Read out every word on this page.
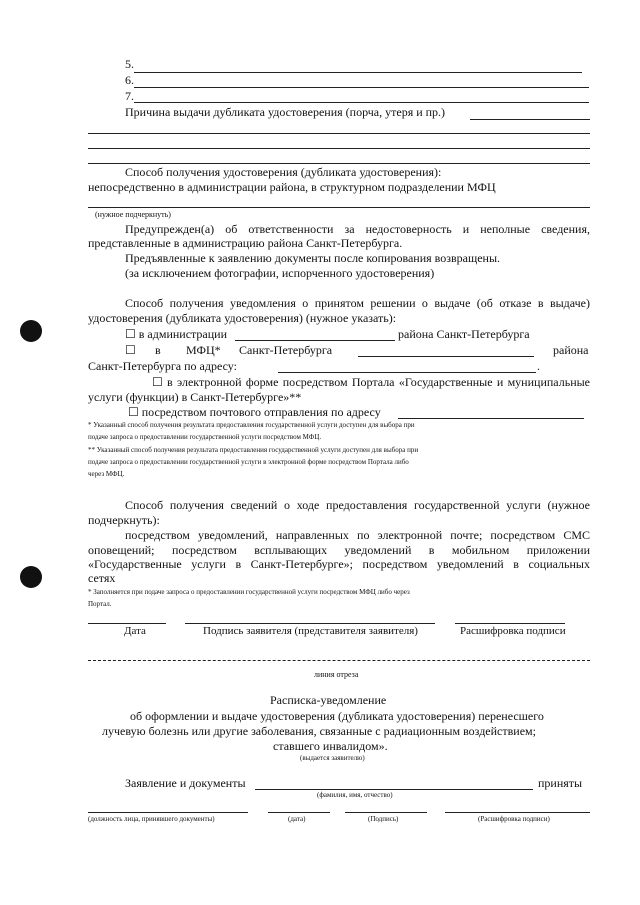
5.
6.
7.
Причина выдачи дубликата удостоверения (порча, утеря и пр.)
Способ получения удостоверения (дубликата удостоверения):
непосредственно в администрации района, в структурном подразделении МФЦ
(нужное подчеркнуть)
Предупрежден(а) об ответственности за недостоверность и неполные сведения,
представленные в администрацию района Санкт-Петербурга.
Предъявленные к заявлению документы после копирования возвращены.
(за исключением фотографии, испорченного удостоверения)
Способ получения уведомления о принятом решении о выдаче (об отказе в выдаче)
удостоверения (дубликата удостоверения) (нужное указать):
☐ в администрации	района Санкт-Петербурга
☐ в МФЦ* Санкт-Петербурга	района
Санкт-Петербурга по адресу:	.
☐ в электронной форме посредством Портала «Государственные и муниципальные
услуги (функции) в Санкт-Петербурге»**
☐ посредством почтового отправления по адресу
* Указанный способ получения результата предоставления государственной услуги доступен для выбора при
подаче запроса о предоставлении государственной услуги посредством МФЦ.
** Указанный способ получения результата предоставления государственной услуги доступен для выбора при
подаче запроса о предоставлении государственной услуги в электронной форме посредством Портала либо
через МФЦ.
Способ получения сведений о ходе предоставления государственной услуги (нужное
подчеркнуть):
посредством уведомлений, направленных по электронной почте; посредством СМС
оповещений; посредством всплывающих уведомлений в мобильном приложении
«Государственные услуги в Санкт-Петербурге»; посредством уведомлений в социальных
сетях
* Заполняется при подаче запроса о предоставлении государственной услуги посредством МФЦ либо через
Портал.
Дата	Подпись заявителя (представителя заявителя)	Расшифровка подписи
линия отреза
Расписка-уведомление
об оформлении и выдаче удостоверения (дубликата удостоверения) перенесшего
лучевую болезнь или другие заболевания, связанные с радиационным воздействием;
ставшего инвалидом».
(выдается заявителю)
Заявление и документы	приняты
(фамилия, имя, отчество)
(должность лица, принявшего документы)	(дата)	(Подпись)	(Расшифровка подписи)
